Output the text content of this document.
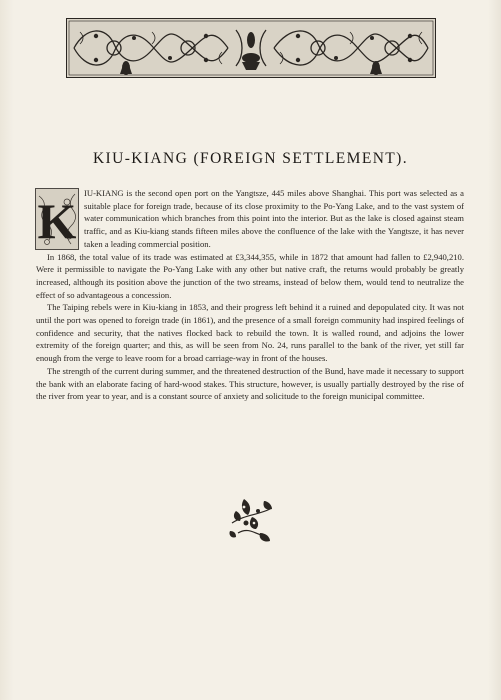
KIU-KIANG (FOREIGN SETTLEMENT).

K IU-KIANG is the second open port on the Yangtsze, 445 miles above Shanghai. This port was selected as a suitable place for foreign trade, because of its close proximity to the Po-Yang Lake, and to the vast system of water communication which branches from this point into the interior. But as the lake is closed against steam traffic, and as Kiu-kiang stands fifteen miles above the confluence of the lake with the Yangtsze, it has never taken a leading commercial position.

In 1868, the total value of its trade was estimated at £3,344,355, while in 1872 that amount had fallen to £2,940,210. Were it permissible to navigate the Po-Yang Lake with any other but native craft, the returns would probably be greatly increased, although its position above the junction of the two streams, instead of below them, would tend to neutralize the effect of so advantageous a concession.

The Taiping rebels were in Kiu-kiang in 1853, and their progress left behind it a ruined and depopulated city. It was not until the port was opened to foreign trade (in 1861), and the presence of a small foreign community had inspired feelings of confidence and security, that the natives flocked back to rebuild the town. It is walled round, and adjoins the lower extremity of the foreign quarter; and this, as will be seen from No. 24, runs parallel to the bank of the river, yet still far enough from the verge to leave room for a broad carriage-way in front of the houses.

The strength of the current during summer, and the threatened destruction of the Bund, have made it necessary to support the bank with an elaborate facing of hard-wood stakes. This structure, however, is usually partially destroyed by the rise of the river from year to year, and is a constant source of anxiety and solicitude to the foreign municipal committee.
